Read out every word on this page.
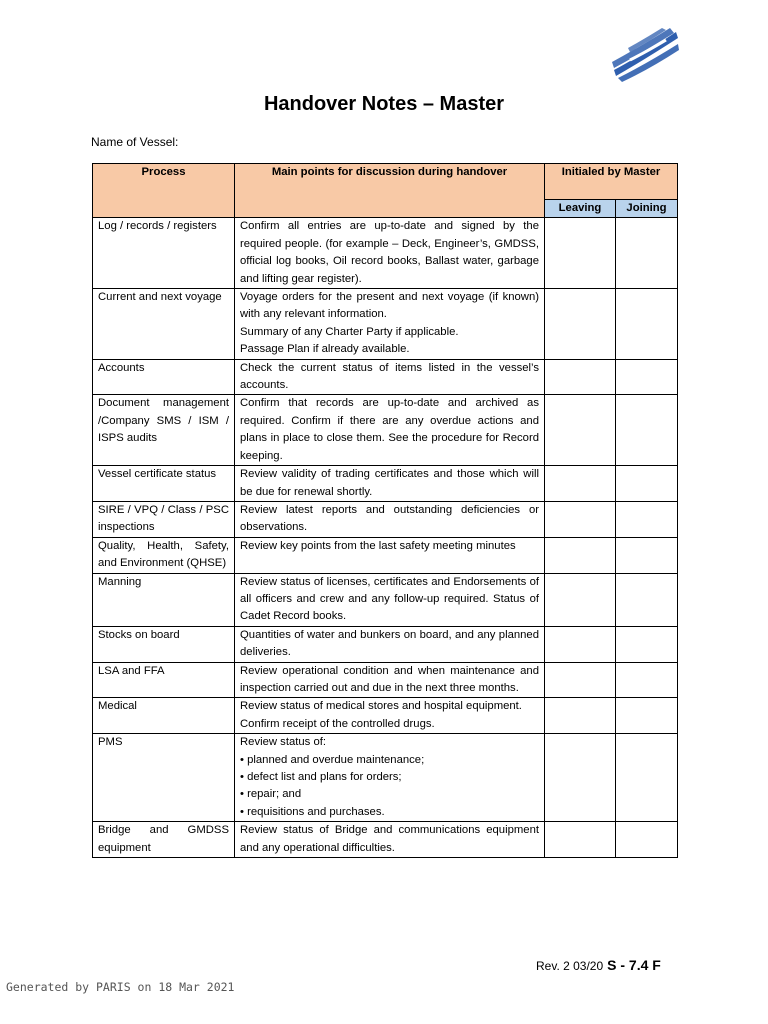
Handover Notes – Master
Name of Vessel:
Process	Main points for discussion during handover	Initialed by Master	
		Leaving	Joining
Log / records / registers	Confirm all entries are up-to-date and signed by the required people. (for example – Deck, Engineer’s, GMDSS, official log books, Oil record books, Ballast water, garbage and lifting gear register).		

Current and next voyage	Voyage orders for the present and next voyage (if known) with any relevant information.
Summary of any Charter Party if applicable.
Passage Plan if already available.		

Accounts	Check the current status of items listed in the vessel’s accounts.		

Document management /Company SMS / ISM / ISPS audits	Confirm that records are up-to-date and archived as required. Confirm if there are any overdue actions and plans in place to close them. See the procedure for Record keeping.		

Vessel certificate status	Review validity of trading certificates and those which will be due for renewal shortly.		

SIRE / VPQ / Class / PSC inspections	Review latest reports and outstanding deficiencies or observations.		

Quality, Health, Safety, and Environment (QHSE)	Review key points from the last safety meeting minutes		

Manning	Review status of licenses, certificates and Endorsements of all officers and crew and any follow-up required. Status of Cadet Record books.		

Stocks on board	Quantities of water and bunkers on board, and any planned deliveries.		

LSA and FFA	Review operational condition and when maintenance and inspection carried out and due in the next three months.		

Medical	Review status of medical stores and hospital equipment.
Confirm receipt of the controlled drugs.		

PMS	Review status of:
• planned and overdue maintenance;
• defect list and plans for orders;
• repair; and
• requisitions and purchases.		

Bridge and GMDSS equipment	Review status of Bridge and communications equipment and any operational difficulties.		

Rev. 2 03/20 S - 7.4 F
Generated by PARIS on 18 Mar 2021
